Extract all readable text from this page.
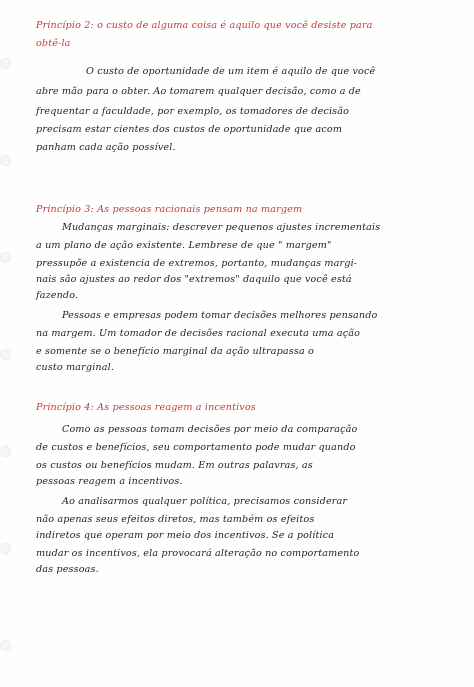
Princípio 2: o custo de alguma coisa é aquilo que você desiste para
obtê-la
O custo de oportunidade de um item é aquilo de que você
abre mão para o obter. Ao tomarem qualquer decisão, como a de
frequentar a faculdade, por exemplo, os tomadores de decisão
precisam estar cientes dos custos de oportunidade que acom
panham cada ação possível.
Princípio 3: As pessoas racionais pensam na margem
Mudanças marginais: descrever pequenos ajustes incrementais
a um plano de ação existente. Lembrese de que " margem"
pressupõe a existencia de extremos, portanto, mudanças margi-
nais são ajustes ao redor dos "extremos" daquilo que você está
fazendo.
Pessoas e empresas podem tomar decisões melhores pensando
na margem. Um tomador de decisões racional executa uma ação
e somente se o benefício marginal da ação ultrapassa o
custo marginal.
Princípio 4: As pessoas reagem a incentivos
Como as pessoas tomam decisões por meio da comparação
de custos e benefícios, seu comportamento pode mudar quando
os custos ou benefícios mudam. Em outras palavras, as
pessoas reagem a incentivos.
Ao analisarmos qualquer política, precisamos considerar
não apenas seus efeitos diretos, mas também os efeitos
indiretos que operam por meio dos incentivos. Se a política
mudar os incentivos, ela provocará alteração no comportamento
das pessoas.
